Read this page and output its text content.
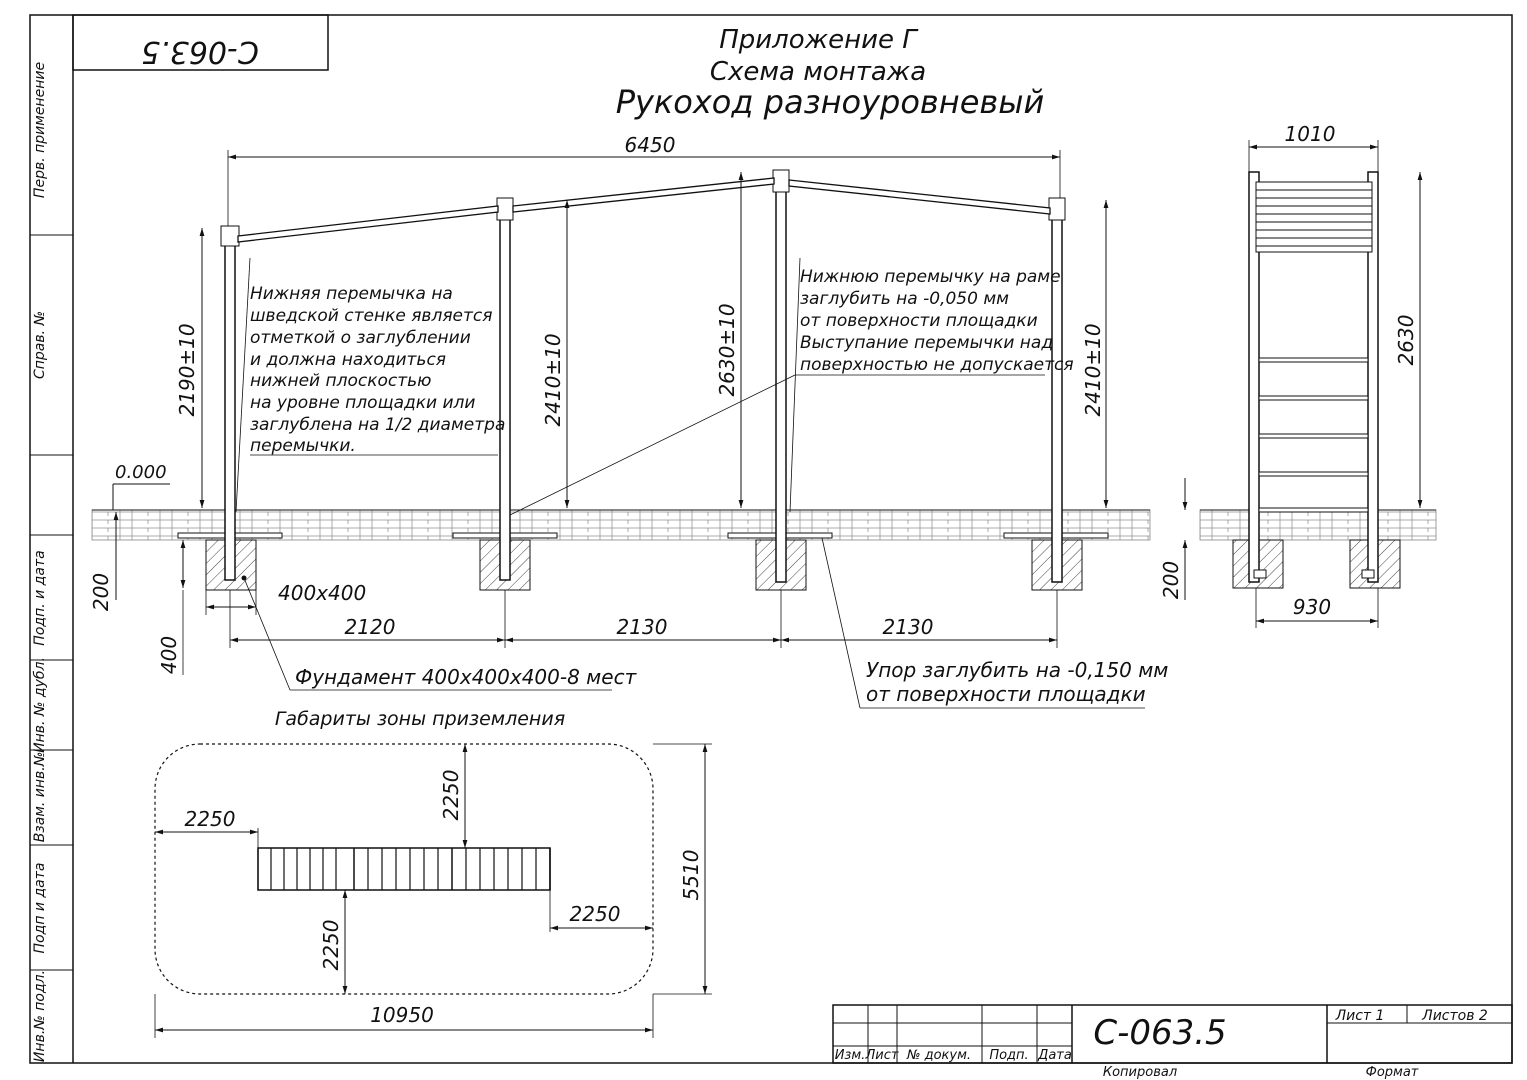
Перв. применение
Справ. №
Подп. и дата
Инв. № дубл.
Взам. инв.№
Подп и дата
Инв.№ подл.
C-063.5	Приложение Г
Схема монтажа
Рукоход разноуровневый
6450
2190±10	2410±10	2630±10	2410±10
0.000
200
400
400x400
2120	2130	2130
Нижняя перемычка на
шведской стенке является
отметкой о заглублении
и должна находиться
нижней плоскостью
на уровне площадки или
заглублена на 1/2 диаметра
перемычки.
Нижнюю перемычку на раме
заглубить на -0,050 мм
от поверхности площадки
Выступание перемычки над
поверхностью не допускается
Фундамент 400x400x400-8 мест	Упор заглубить на -0,150 мм
от поверхности площадки
1010
2630
200
930
Габариты зоны приземления
2250	2250
2250
2250
5510
10950
Изм. Лист № докум. Подп. Дата
C-063.5	Лист 1	Листов 2
Копировал	Формат
